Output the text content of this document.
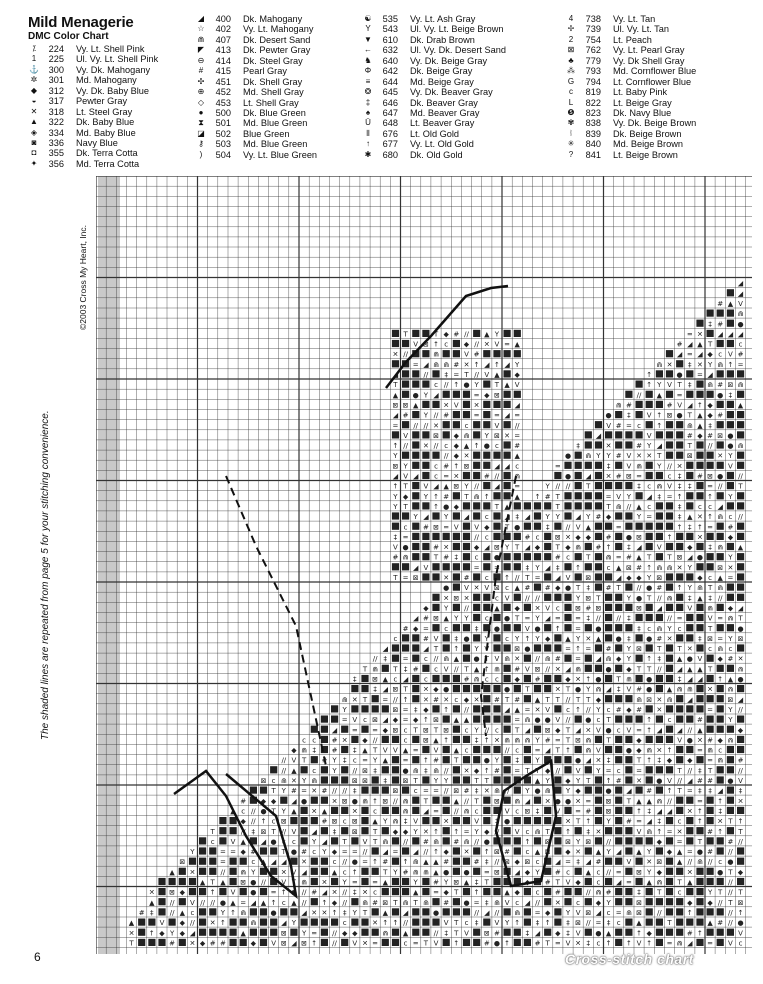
Mild Menagerie
DMC Color Chart
⁒	224 Vy. Lt. Shell Pink
1	225 Ul. Vy. Lt. Shell Pink
⚓	300 Vy. Dk. Mahogany
✲	301 Md. Mahogany
◆	312 Vy. Dk. Baby Blue
◒	317 Pewter Gray
✕	318 Lt. Steel Gray
▲	322 Dk. Baby Blue
◈	334 Md. Baby Blue
◙	336 Navy Blue
◘	355 Dk. Terra Cotta
✦	356 Md. Terra Cotta
◢	400 Dk. Mahogany
☆	402 Vy. Lt. Mahogany
⋒	407 Dk. Desert Sand
◤	413 Dk. Pewter Gray
⊖	414 Dk. Steel Gray
#	415 Pearl Gray
✣	451 Dk. Shell Gray
⊕	452 Md. Shell Gray
◇	453 Lt. Shell Gray
●	500 Dk. Blue Green
⧗	501 Md. Blue Green
◪	502 Blue Green
⚷	503 Md. Blue Green
)	504 Vy. Lt. Blue Green
☯	535 Vy. Lt. Ash Gray
Y	543 Ul. Vy. Lt. Beige Brown
▼	610 Dk. Drab Brown
←	632 Ul. Vy. Dk. Desert Sand
♞	640 Vy. Dk. Beige Gray
Φ	642 Dk. Beige Gray
≡	644 Md. Beige Gray
❂	645 Vy. Dk. Beaver Gray
‡	646 Dk. Beaver Gray
♠	647 Md. Beaver Gray
Ü	648 Lt. Beaver Gray
⦀	676 Lt. Old Gold
↑	677 Vy. Lt. Old Gold
✱	680 Dk. Old Gold
4	738 Vy. Lt. Tan
✢	739 Ul. Vy. Lt. Tan
2	754 Lt. Peach
⊠	762 Vy. Lt. Pearl Gray
♣	779 Vy. Dk Shell Gray
⁂	793 Md. Cornflower Blue
G	794 Lt. Cornflower Blue
c	819 Lt. Baby Pink
L	822 Lt. Beige Gray
❺	823 Dk. Navy Blue
✾	838 Vy. Dk. Beige Brown
⦚	839 Dk. Beige Brown
✳	840 Md. Beige Brown
?	841 Lt. Beige Brown
©2003 Cross My Heart, Inc.
The shaded lines are repeated from page 5 for your stitching convenience.
◢
◢
# ▲ V
⋒
‡ # ●
T	T ◆ # // ▲ Y	= ✕ ◢ ◢ ◢
V ⊠ ↑ c ◆ // ✕ V = ▲	# ◢ ▲ T	c
✕ //	⋒	V #	◢ = ◢ ◆ c V #
= ◢ ⋒ ⋒ # ✕ ↑ ◢ ↑ ◢ Y	⋒ ✕ ‡ ✕ Y ⋒ ↑ =
◢	// ‡ = T // V ▲ ◆	↑	● = ◢
T	c // ↑ ● Y T ▲ V	↑ Y V T ‡ ⋒ # ⊠ ⋒
▲ ● Y ◢	= ◆ ⊠	// ▲ =	● ‡
⊠ ⊠ ▲	✕ V ✕	◢	⋒ #	# V ◢ ↑ ◆	▲
◢ # Y // #	= = ◢ =	● ‡ V ↑ ⊠ ● T ▲ ◆ #
= // // ✕	c	V //	V # = c ↑	⋒ ▲ ‡
V	⊠ ◆ ⋒ Y ⊠ ✕ =	◢	V	# ◆ # ⊠ ●
↑ // ✕ // c ◆ ▲ ↑ ● c #	‡	✕	# Y ◢	T // ● ⋒
Y	// ◆ ✕	▲	● ⋒ Y Y # V ✕ ✕ T	⊠	✕ Y
⊠ Y	c # ↑ ⊠	◢ ◢ c	=	‡ V ⋒ Y // ✕	V
◢ V ◢ c = ✕	# // ⋒	● ◢ ✕ # ⊠ =	c ‡ # ⊠ ● //
↑ T V ◢ ▲ ⊠ Y // ◢ =	Y // // T	‡ c ⋒ V ‡ ‡ = // T
Y ◆ Y ↑ # T ⋒ ↑	▲ ↑ # T	= V Y ◢ ‡ = ↑	↑ Y
Y T	↑ ● ◆	T ▲	T	T ⋒ // ▲ c	‡ c c ◢
Y ◢ Y ◢ c ◢ ‡ ◢ Y Y ◢ Y # ◆	Y =	‡ ▲ ✕ ↑ ⋒ c //
c # ⊠ = V V ◆ T ●	‡ // V ▲	=	↑ ‡ ↑ = #
‡ =	// c	# c ⊠ ✕ ◆ ◆ # ● ⊠	↑	✕	◆
V ●	# ✕	◆ ◢ ⊠ Y T ◢ ◆ T ◆ ⋒ # ↑ ‡ ◢ V	◆ ‡ ⋒ ▲
# ⋒	T # ‡ c ●	# c T ⋒ = # ▲ T T ⊠ ◢ ●	Y
◢ V	= =	‡ Y ◢ ‡ ↑	c ▲ ⊠ # ↑ ⋒ ⋒ ✕ Y	⊠ ✕
T = ⊠	✕ # c ↑ // T = ◢ V ⊠	◢ ◆ ◆ Y ⊠	◆ c ▲ =
● V ✕ V ⊠ c ▲ # # ◆ ● T ‡ # T // ● # ↑ Y ⋒ T ⋒
✕ ⊠ ✕	c V // //	Y ⊠ T	Y ● T // ⋒ ‡ ▲ ‡ //
◆ Y //	▲ ◆ ✕ V c ⊠ # ⊠	⊠ ◢	V ⋒ ◆ ◢
◢ # ⊠ ▲ Y Y c ● T = Y ◢ = = ‡ // // ‡	// =	V = ⋒ T
# ◆ = c	‡ ●	V ● ↑ = ●	‡ c ⋒ Y c	T	●
c	# V ‡ ● Y c Y ↑ Y ◆ ▲ Y ✕ ▲ ● ‡ ● # ✕	‡ ⊠ = Y ⊠
◢	◢ T ↑ Y V	⊠ ●	= ↑ = # Y ⊠ T T ✕ c ⋒ c
// ‡ = c // ⋒ ▲ ● T V ⋒ ✕ // ⋒ # = ◢ ⋒ ◆ Y ↑ ‡ ▲ ● V ◆ # ✕
T ⋒ T ‡ # c V // T ▲ ↑ ⋒ # V ⊠ // ✕ ◢ ⋒	● ◆ T T // ◢ ▲ ▲ T	⋒
‡ ⊠ ▲ c ◢ c	# ⋒ c c ◆ #	◆ ✕ ↑ ● T ⋒ ●	‡ ◢ ◢ ↑ ▲ ●
‡ ◢ ⊠ T ✕ ◆ ●	● T	✕ T ● Y ⋒ ◢ ‡ V # ● ▲ ⋒ ⋒ ✕ ⋒
⋒ ✕ T = // ↑ ✕ # ✕ c ◆ ✕ # T # ▲ T T // T T ◆	⋒ ⊠ ✕ ⋒ ◢	⊠ ◢
Y	⊠ = ‡ ◆ ↑ //	◢ ▲ = ✕ V c ↑ // Y c # ◆ # ✕	= Y //
= V c ⊠ ◢ ◆ = ◆ ↑ ⊠ ▲ ▲	= ⋒ ● ● V // ● c T	↑ c	#	Y
◢ = = ◆ ⊠ c T ⊠ T ⊠ c Y // c T ◢ ⊠ ◆ T ◢ ✕ V ● c V = ↑ ◢ ◢ // ▲	◆
c c # ✕ ◆ //	c ⊠ ▲ ↑	‡ ↑ ✕ ⋒ ⋒ ⋒ Y # = T ⊠ ⋒ T	◆	V ● ✕ # ◆ ⋒
◆ ⋒ ‡ # ‡ ▲ T V V ▲ = V ▲ c	// c = ◢ T ↑ ⋒ V	● ◆ ⋒ ✕ ↑	= ⋒ c
// V T # Y ‡ c = Y ▲ = ↑ # T	● Y ‡ Y	● ◢ ✕ ‡	T ↑ ‡ ◆ ◆ = ⋒ #
// ▲ c Y // ⊠ ‡	● ⋒ ‡ ⋒ // ✕ ◆ ↑ # = T T ◆ // V Y = c =	T // ‡ T	//
⊠ c ⋒ ✕ Y ⋒	⊠ ⊠ ‡ ⊠ T Y Y	T T	▲ Y ◆ Y T ↑ # ✕ ● V // ◢ # # ● V
T Y # = ✕ # // // ‡	⊠ c = = // ⊠ # ‡ ✕ ⋒ // Y ● ⋒ Y ◆	● ◢ # ↑ T = ‡ ‡ ◢ ‡
# ◆ ◆ ◢ ●	✕ ⊠ ● ⋒ ↑ ⊠ // ⋒ T	▲ // T ⊠ ⋒ ◢ ✕ ● ● ✕ = ⊠ T ▲ ▲ ⋒ //	= ↑ ✕
▲ c // ● T Y ▲ ✕ ▲	✕ c	⋒ ◢ = // ⋒ c	V c ⊠ ‡ V = # ⊠	↑ ‡ ◢ ◢ ✕ ↑ ‡
◆ // ↑ c ⊠	# ⊠ c ⊠ ▲ Y ⋒ ‡ V	✕	V ‡ ●	✕ T ↑ Y # = ◢ ‡ c ↑ ✕ T ↑
T	// ‡ ⊠ T // V ◢ ‡ ⊠ T ◆ ◆ Y ✕ ↑ ↑ = Y ◆ // V c ⋒ T ↑ ‡ ✕	V ⋒ ↑ = ✕	# ↑ T
c V ▲ ◢ ● c c Y ◢ T V T ⋒ // # ⋒ # ⋒ // ●	↑ ⊠ ⊠ Y ⊠ //	◆ = T	# //
Y	= = ◆ #	T ● # c Y ◆ = = // ◢ = ◢ // ↑ ◆ ✕ ↑ ⊠ # c ▲ ⊠ ◆ ✕ ▲ Y ◢ ▲ Y ◆ ▲ = ● # //
⊠	=	c ▲ ◢ ◢ ✕	c // ● = ↑ # ↑ ⋒ ▲ ▲ #	# ‡ // ⊠ ◆ ⊠ c ◢ = ‡ ◢ #	V ✕ ⊠ ▲ // ⋒ // c ●
▲ ✕	// ⋒ Y	✕ V ◢	▲ c ↑	T Y # ⋒ ⋒ ▲ ● ● = ⊠ ◢ ◆ Y # c ▲ c // = ⊠ Y ◆	✕	● T ◆
▲ T ▲ ⊠ ● // V T ⋒ ✕ Y = = ▲	Y # Y ⊠ ▲ ‡ T	◆ # T V ◆ c ◢ = ▲ ⋒ T ▲	//
✕ ⊠ ◆	↑ V ● = ↑ ● // # ◢ ✕ // ‡ ✕ c	▲ = ◆ T ↑	▲ ◆ c #	// ⋒ #	‡ T c	Y T // T
▲ // V // // ● ▲ = ◢ ▲ ↑ c ▲ // ↑ ◆ // ⋒ # ⊠ T ⋒ T ⋒ # ● = ‡ ⋒ V c ◢ // ✕ c ◆ Y	⊠	◆ ◆ // T ⊠
# ‡ // ▲ c	Y ↑ ⋒	●	◢ ✕ ✕ ↑ ‡ Y T ▲ ◢	●	// ◢ // ⋒ = ◆ Y V ⊠ ◢ c = ⋒ ⊠ //	↑	// ↑
▲	V ◆ // ✕ ↑	⋒	◢ Y	c	✕ ↑ ↑ //	V T c ‡ V Y ↑ ‡ ↑ ‡ ⊠ // = ‡ c ▲	T	▲ # // ●
✕ ↑ ◆ Y ◆ ◢	▲	⊠ Y = // ◆ ◆	⋒ ▲	// ‡ T V ⊠ #	‡ ◢ ◆ ‡ V ● ▲	↑ ◆	# ↑	V
T	# ✕ ◆ # #	◆ V ⊠ ◢ ⊠ ↑ // V ✕ =	c = T V ↑	# ● ↑	# T = V ✕ ‡ c ↑ ↑ V ↑ = ⋒ ◢ = V c
6	Cross-stitch chart
